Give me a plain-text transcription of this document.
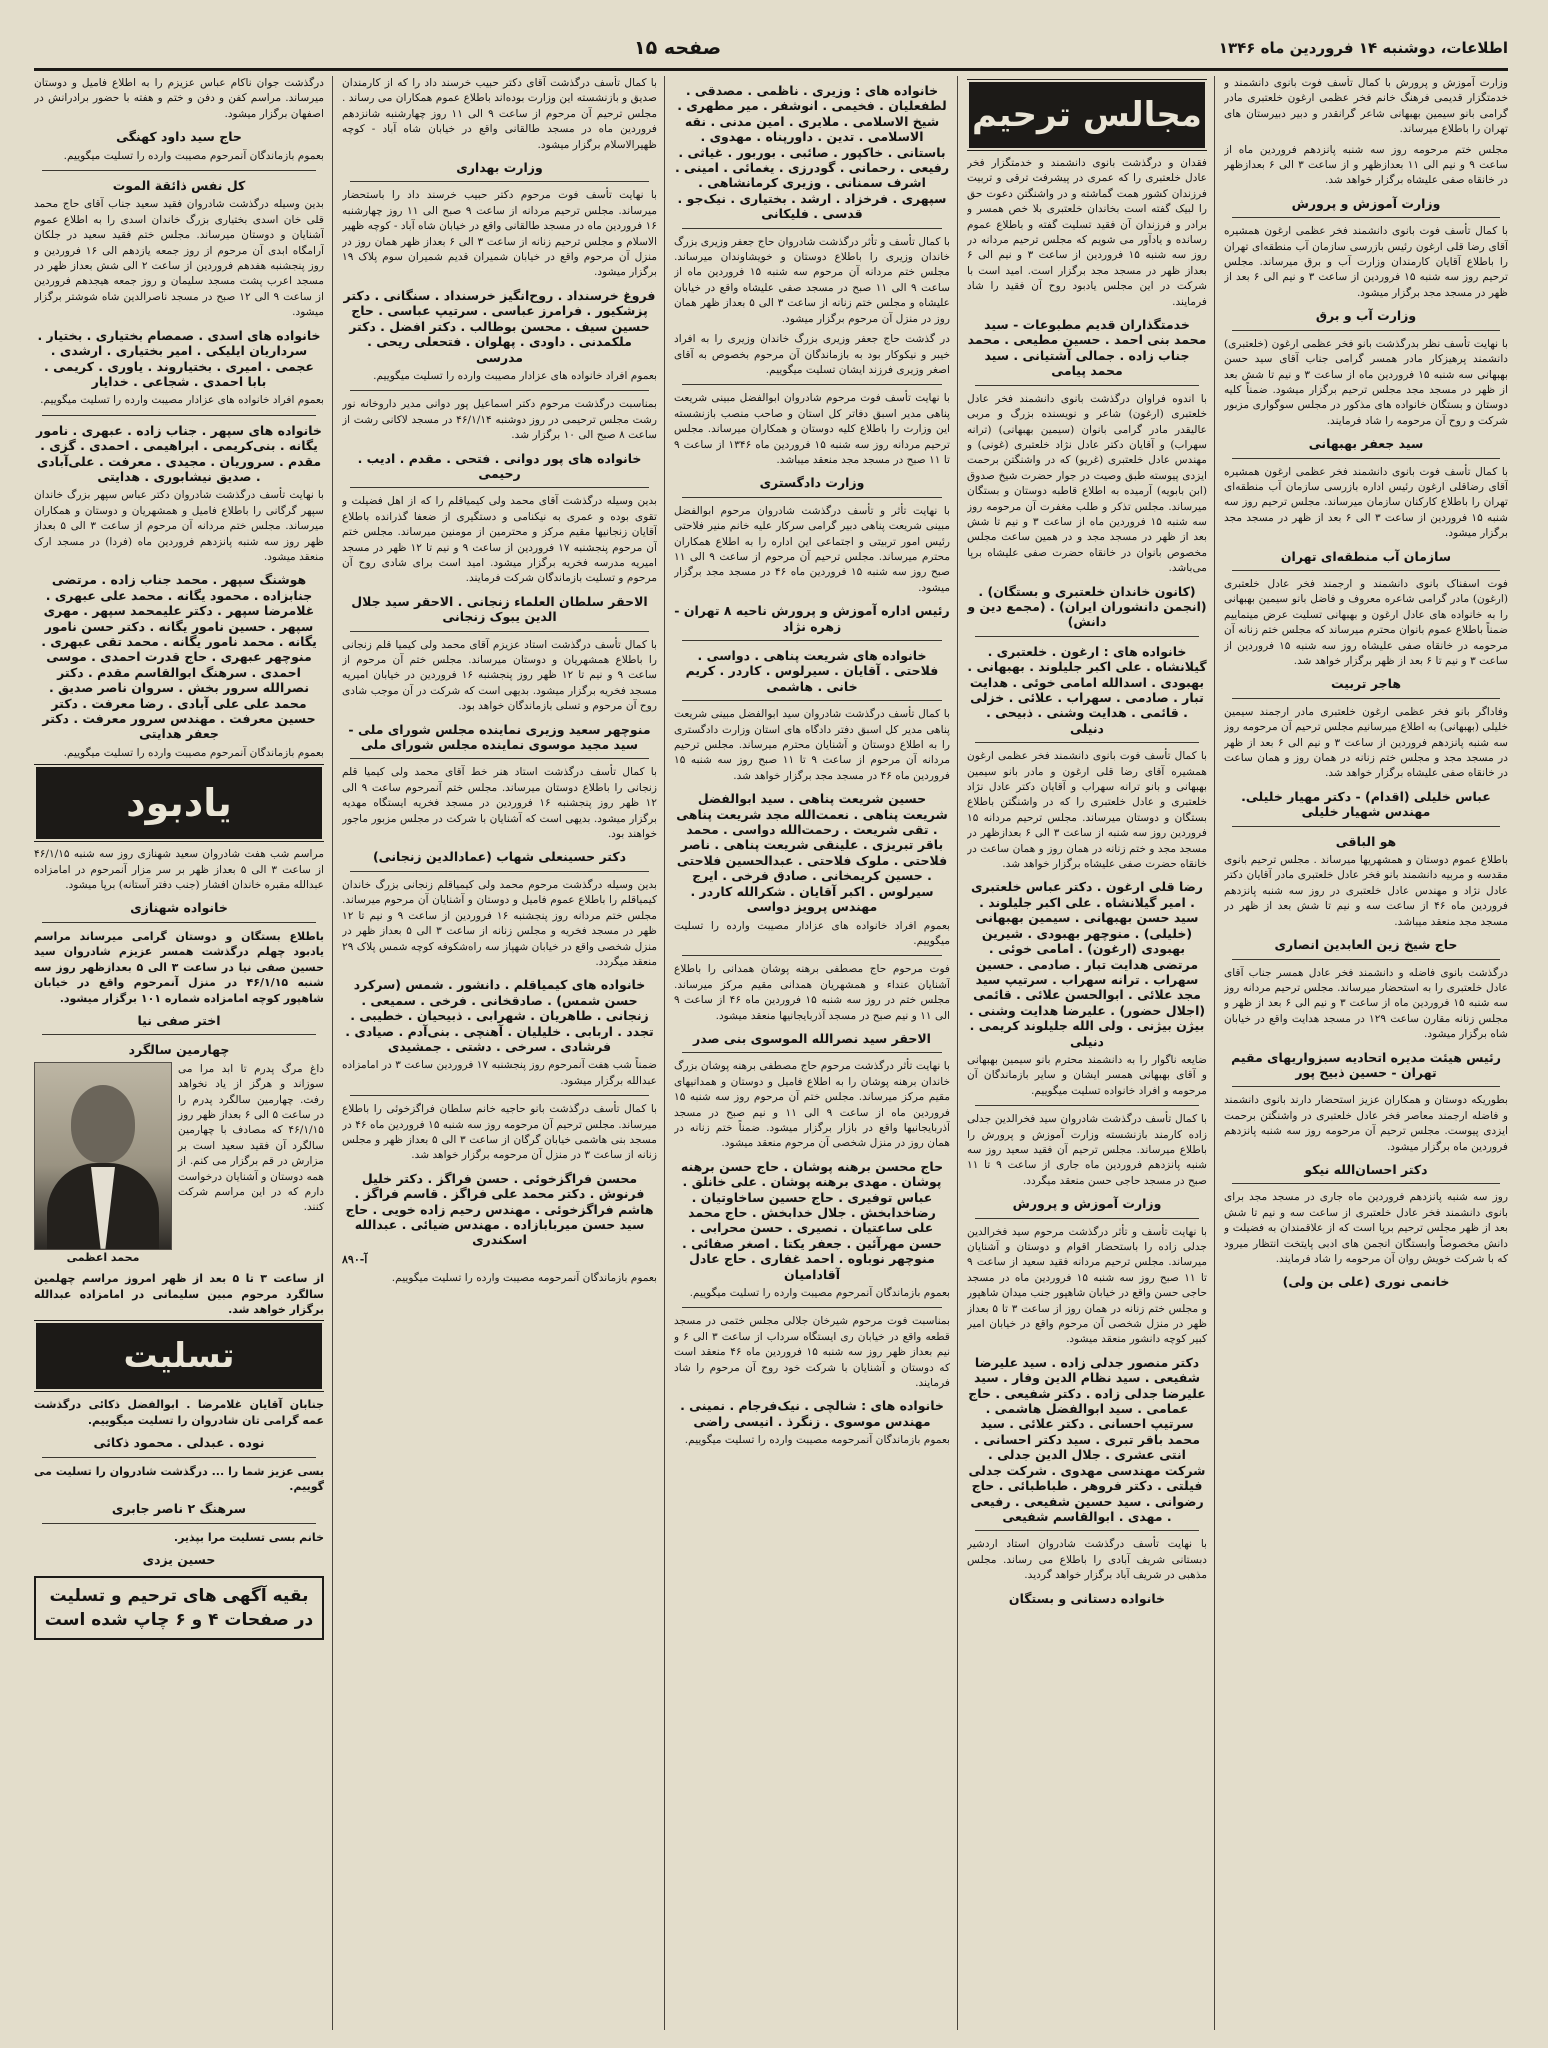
اطلاعات، دوشنبه ۱۴ فروردین ماه ۱۳۴۶
صفحه ۱۵

وزارت آموزش و پرورش با کمال تأسف فوت بانوی دانشمند و خدمتگزار قدیمی فرهنگ خانم فخر عظمی ارغون خلعتبری مادر گرامی بانو سیمین بهبهانی شاعر گرانقدر و دبیر دبیرستان های تهران را باطلاع میرساند.

مجلس ختم مرحومه روز سه شنبه پانزدهم فروردین ماه از ساعت ۹ و نیم الی ۱۱ بعدازظهر و از ساعت ۳ الی ۶ بعدازظهر در خانقاه صفی علیشاه برگزار خواهد شد.

وزارت آموزش و پرورش

با کمال تأسف فوت بانوی دانشمند فخر عظمی ارغون همشیره آقای رضا قلی ارغون رئیس بازرسی سازمان آب منطقه‌ای تهران را باطلاع آقایان کارمندان وزارت آب و برق میرساند. مجلس ترحیم روز سه شنبه ۱۵ فروردین از ساعت ۳ و نیم الی ۶ بعد از ظهر در مسجد مجد برگزار میشود.

وزارت آب و برق

با نهایت تأسف نظر بدرگذشت بانو فخر عظمی ارغون (خلعتبری) دانشمند پرهیزکار مادر همسر گرامی جناب آقای سید حسن بهبهانی سه شنبه ۱۵ فروردین ماه از ساعت ۳ و نیم تا شش بعد از ظهر در مسجد مجد مجلس ترحیم برگزار میشود. ضمناً کلیه دوستان و بستگان خانواده های مذکور در مجلس سوگواری مزبور شرکت و روح آن مرحومه را شاد فرمایند.

سید جعفر بهبهانی

با کمال تأسف فوت بانوی دانشمند فخر عظمی ارغون همشیره آقای رضاقلی ارغون رئیس اداره بازرسی سازمان آب منطقه‌ای تهران را باطلاع کارکنان سازمان میرساند. مجلس ترحیم روز سه شنبه ۱۵ فروردین از ساعت ۳ الی ۶ بعد از ظهر در مسجد مجد برگزار میشود.

سازمان آب منطقه‌ای تهران

فوت اسفناک بانوی دانشمند و ارجمند فخر عادل خلعتبری (ارغون) مادر گرامی شاعره معروف و فاضل بانو سیمین بهبهانی را به خانواده های عادل ارغون و بهبهانی تسلیت عرض مینماییم ضمناً باطلاع عموم بانوان محترم میرساند که مجلس ختم زنانه آن مرحومه در خانقاه صفی علیشاه روز سه شنبه ۱۵ فروردین از ساعت ۳ و نیم تا ۶ بعد از ظهر برگزار خواهد شد.

هاجر تربیت

وفاداگر بانو فخر عظمی ارغون خلعتبری مادر ارجمند سیمین خلیلی (بهبهانی) به اطلاع میرسانیم مجلس ترحیم آن مرحومه روز سه شنبه پانزدهم فروردین از ساعت ۳ و نیم الی ۶ بعد از ظهر در مسجد مجد و مجلس ختم زنانه در همان روز و همان ساعت در خانقاه صفی علیشاه برگزار خواهد شد.

عباس خلیلی (اقدام) - دکتر مهیار خلیلی. مهندس شهیار خلیلی
هو الباقی

باطلاع عموم دوستان و همشهریها میرساند . مجلس ترحیم بانوی مقدسه و مربیه دانشمند بانو فخر عادل خلعتبری مادر آقایان دکتر عادل نژاد و مهندس عادل خلعتبری در روز سه شنبه پانزدهم فروردین ماه ۴۶ از ساعت سه و نیم تا شش بعد از ظهر در مسجد مجد منعقد میباشد.

حاج شیخ زین العابدین انصاری

درگذشت بانوی فاضله و دانشمند فخر عادل همسر جناب آقای عادل خلعتبری را به استحضار میرساند. مجلس ترحیم مردانه روز سه شنبه ۱۵ فروردین ماه از ساعت ۳ و نیم الی ۶ بعد از ظهر و مجلس زنانه مقارن ساعت ۱۲۹ در مسجد هدایت واقع در خیابان شاه برگزار میشود.

رئیس هیئت مدیره اتحادیه سبزواریهای مقیم تهران - حسین ذبیح پور

بطوریکه دوستان و همکاران عزیز استحضار دارند بانوی دانشمند و فاضله ارجمند معاصر فخر عادل خلعتبری در واشنگتن برحمت ایزدی پیوست. مجلس ترحیم آن مرحومه روز سه شنبه پانزدهم فروردین ماه برگزار میشود.

دکتر احسان‌الله نیکو

روز سه شنبه پانزدهم فروردین ماه جاری در مسجد مجد برای بانوی دانشمند فخر عادل خلعتبری از ساعت سه و نیم تا شش بعد از ظهر مجلس ترحیم برپا است که از علاقمندان به فضیلت و دانش مخصوصاً وابستگان انجمن های ادبی پایتخت انتظار میرود که با شرکت خویش روان آن مرحومه را شاد فرمایند.

خانمی نوری (علی بن ولی)
مجالس ترحیم

فقدان و درگذشت بانوی دانشمند و خدمتگزار فخر عادل خلعتبری را که عمری در پیشرفت ترقی و تربیت فرزندان کشور همت گماشته و در واشنگتن دعوت حق را لبیک گفته است بخاندان خلعتبری بلا خص همسر و برادر و فرزندان آن فقید تسلیت گفته و باطلاع عموم رسانده و یادآور می شویم که مجلس ترحیم مردانه در روز سه شنبه ۱۵ فروردین از ساعت ۳ و نیم الی ۶ بعداز ظهر در مسجد مجد برگزار است. امید است با شرکت در این مجلس یادبود روح آن فقید را شاد فرمایند.

خدمتگذاران قدیم مطبوعات - سید محمد بنی احمد . حسین مطیعی . محمد جناب زاده . جمالی آشتیانی . سید محمد پیامی

با اندوه فراوان درگذشت بانوی دانشمند فخر عادل خلعتبری (ارغون) شاعر و نویسنده بزرگ و مربی عالیقدر مادر گرامی بانوان (سیمین بهبهانی) (ترانه سهراب) و آقایان دکتر عادل نژاد خلعتبری (غونی) و مهندس عادل خلعتبری (غریو) که در واشنگتن برحمت ایزدی پیوسته طبق وصیت در جوار حضرت شیخ صدوق (ابن بابویه) آرمیده به اطلاع قاطبه دوستان و بستگان میرساند. مجلس تذکر و طلب مغفرت آن مرحومه روز سه شنبه ۱۵ فروردین ماه از ساعت ۳ و نیم تا شش بعد از ظهر در مسجد مجد و در همین ساعت مجلس مخصوص بانوان در خانقاه حضرت صفی علیشاه برپا می‌باشد.

(کانون خاندان خلعتبری و بستگان) . (انجمن دانشوران ایران) . (مجمع دین و دانش)
خانواده های : ارغون . خلعتبری . گیلانشاه . علی اکبر جلیلوند . بهبهانی . بهبودی . اسدالله امامی خوئی . هدایت تبار . صادمی . سهراب . علائی . خزلی . قائمی . هدایت وشنی . ذبیحی . دنیلی

با کمال تأسف فوت بانوی دانشمند فخر عظمی ارغون همشیره آقای رضا قلی ارغون و مادر بانو سیمین بهبهانی و بانو ترانه سهراب و آقایان دکتر عادل نژاد خلعتبری و عادل خلعتبری را که در واشنگتن باطلاع بستگان و دوستان میرساند. مجلس ترحیم مردانه ۱۵ فروردین روز سه شنبه از ساعت ۳ الی ۶ بعدازظهر در مسجد مجد و ختم زنانه در همان روز و همان ساعت در خانقاه حضرت صفی علیشاه برگزار خواهد شد.

رضا قلی ارغون . دکتر عباس خلعتبری . امیر گیلانشاه . علی اکبر جلیلوند . سید حسن بهبهانی . سیمین بهبهانی (خلیلی) . منوچهر بهبودی . شیرین بهبودی (ارغون) . امامی خوئی . مرتضی هدایت تبار . صادمی . حسین سهراب . ترانه سهراب . سرتیپ سید مجد علائی . ابوالحسن علائی . قائمی (اجلال حضور) . علیرضا هدایت وشنی . بیژن بیژنی . ولی الله جلیلوند کریمی . دنیلی

ضایعه ناگوار را به دانشمند محترم بانو سیمین بهبهانی و آقای بهبهانی همسر ایشان و سایر بازماندگان آن مرحومه و افراد خانواده تسلیت میگوییم.

با کمال تأسف درگذشت شادروان سید فخرالدین جدلی زاده کارمند بازنشسته وزارت آموزش و پرورش را باطلاع میرساند. مجلس ترحیم آن فقید سعید روز سه شنبه پانزدهم فروردین ماه جاری از ساعت ۹ تا ۱۱ صبح در مسجد حاجی حسن منعقد میگردد.

وزارت آموزش و پرورش

با نهایت تأسف و تأثر درگذشت مرحوم سید فخرالدین جدلی زاده را باستحضار اقوام و دوستان و آشنایان میرساند. مجلس ترحیم مردانه فقید سعید از ساعت ۹ تا ۱۱ صبح روز سه شنبه ۱۵ فروردین ماه در مسجد حاجی حسن واقع در خیابان شاهپور جنب میدان شاهپور و مجلس ختم زنانه در همان روز از ساعت ۳ تا ۵ بعداز ظهر در منزل شخصی آن مرحوم واقع در خیابان امیر کبیر کوچه دانشور منعقد میشود.

دکتر منصور جدلی زاده . سید علیرضا شفیعی . سید نظام الدین وفار . سید علیرضا جدلی زاده . دکتر شفیعی . حاج عمامی . سید ابوالفضل هاشمی . سرتیپ احسانی . دکتر علائی . سید محمد باقر تبری . سید دکتر احسانی . انتی عشری . جلال الدین جدلی . شرکت مهندسی مهدوی . شرکت جدلی فیلتی . دکتر فروهر . طباطبائی . حاج رضوانی . سید حسین شفیعی . رفیعی . مهدی . ابوالقاسم شفیعی

با نهایت تأسف درگذشت شادروان استاد اردشیر دبستانی شریف آبادی را باطلاع می رساند. مجلس مذهبی در شریف آباد برگزار خواهد گردید.

خانواده دستانی و بستگان
خانواده های : وزیری . ناظمی . مصدقی . لطفعلیان . فخیمی . انوشفر . میر مطهری . شیخ الاسلامی . ملایری . امین مدنی . نقه الاسلامی . تدین . داورپناه . مهدوی . باستانی . خاکپور . صائبی . بوربور . غیاثی . رفیعی . رحمانی . گودرزی . یغمائی . امینی . اشرف سمنانی . وزیری کرمانشاهی . سپهری . فرخزاد . ارشد . بختیاری . نیک‌جو . قدسی . فلیکانی

با کمال تأسف و تأثر درگذشت شادروان حاج جعفر وزیری بزرگ خاندان وزیری را باطلاع دوستان و خویشاوندان میرساند. مجلس ختم مردانه آن مرحوم سه شنبه ۱۵ فروردین ماه از ساعت ۹ الی ۱۱ صبح در مسجد صفی علیشاه واقع در خیابان علیشاه و مجلس ختم زنانه از ساعت ۳ الی ۵ بعداز ظهر همان روز در منزل آن مرحوم برگزار میشود.

در گذشت حاج جعفر وزیری بزرگ خاندان وزیری را به افراد خیبر و نیکوکار بود به بازماندگان آن مرحوم بخصوص به آقای اصغر وزیری فرزند ایشان تسلیت میگوییم.

با نهایت تأسف فوت مرحوم شادروان ابوالفضل مبینی شریعت پناهی مدیر اسبق دفاتر کل استان و صاحب منصب بازنشسته این وزارت را باطلاع کلیه دوستان و همکاران میرساند. مجلس ترحیم مردانه روز سه شنبه ۱۵ فروردین ماه ۱۳۴۶ از ساعت ۹ تا ۱۱ صبح در مسجد مجد منعقد میباشد.

وزارت دادگستری

با نهایت تأثر و تأسف درگذشت شادروان مرحوم ابوالفضل مبینی شریعت پناهی دبیر گرامی سرکار علیه خانم منیر فلاحتی رئیس امور تربیتی و اجتماعی این اداره را به اطلاع همکاران محترم میرساند. مجلس ترحیم آن مرحوم از ساعت ۹ الی ۱۱ صبح روز سه شنبه ۱۵ فروردین ماه ۴۶ در مسجد مجد برگزار میشود.

رئیس اداره آموزش و پرورش ناحیه ۸ تهران - زهره نژاد
خانواده های شریعت پناهی . دواسی . فلاحتی . آقایان . سیرلوس . کاردر . کریم خانی . هاشمی

با کمال تأسف درگذشت شادروان سید ابوالفضل مبینی شریعت پناهی مدیر کل اسبق دفتر دادگاه های استان وزارت دادگستری را به اطلاع دوستان و آشنایان محترم میرساند. مجلس ترحیم مردانه آن مرحوم از ساعت ۹ تا ۱۱ صبح روز سه شنبه ۱۵ فروردین ماه ۴۶ در مسجد مجد برگزار خواهد شد.

حسین شریعت پناهی . سید ابوالفضل شریعت پناهی . نعمت‌الله مجد شریعت پناهی . تقی شریعت . رحمت‌الله دواسی . محمد باقر تبریزی . علینقی شریعت پناهی . ناصر فلاحتی . ملوک فلاحتی . عبدالحسین فلاحتی . حسین کریمخانی . صادق فرخی . ایرج سیرلوس . اکبر آقایان . شکرالله کاردر . مهندس پرویز دواسی

بعموم افراد خانواده های عزادار مصیبت وارده را تسلیت میگوییم.

فوت مرحوم حاج مصطفی برهنه پوشان همدانی را باطلاع آشنایان عنداء و همشهریان همدانی مقیم مرکز میرساند. مجلس ختم در روز سه شنبه ۱۵ فروردین ماه ۴۶ از ساعت ۹ الی ۱۱ و نیم صبح در مسجد آذربایجانیها منعقد میشود.

الاحقر سید نصرالله الموسوی بنی صدر

با نهایت تأثر درگذشت مرحوم حاج مصطفی برهنه پوشان بزرگ خاندان برهنه پوشان را به اطلاع فامیل و دوستان و همدانیهای مقیم مرکز میرساند. مجلس ختم آن مرحوم روز سه شنبه ۱۵ فروردین ماه از ساعت ۹ الی ۱۱ و نیم صبح در مسجد آذربایجانیها واقع در بازار برگزار میشود. ضمناً ختم زنانه در همان روز در منزل شخصی آن مرحوم منعقد میشود.

حاج محسن برهنه پوشان . حاج حسن برهنه پوشان . مهدی برهنه پوشان . علی خانلق . عباس توفیری . حاج حسین ساخاوتیان . رضاخدابخش . جلال خدابخش . حاج محمد علی ساعتیان . نصیری . حسن محرابی . حسن مهرآئین . جعفر یکتا . اصغر صفائی . منوچهر نوباوه . احمد غفاری . حاج عادل آقادامیان

بعموم بازماندگان آنمرحوم مصیبت وارده را تسلیت میگوییم.

بمناسبت فوت مرحوم شیرخان جلالی مجلس ختمی در مسجد قطعه واقع در خیابان ری ایستگاه سرداب از ساعت ۳ الی ۶ و نیم بعداز ظهر روز سه شنبه ۱۵ فروردین ماه ۴۶ منعقد است که دوستان و آشنایان با شرکت خود روح آن مرحوم را شاد فرمایند.

خانواده های : شالچی . نیک‌فرجام . نمینی . مهندس موسوی . زنگرذ . انیسی راضی

بعموم بازماندگان آنمرحومه مصیبت وارده را تسلیت میگوییم.

با کمال تأسف درگذشت آقای دکتر حبیب خرسند داد را که از کارمندان صدیق و بازنشسته این وزارت بوده‌اند باطلاع عموم همکاران می رساند . مجلس ترحیم آن مرحوم از ساعت ۹ الی ۱۱ روز چهارشنبه شانزدهم فروردین ماه در مسجد طالقانی واقع در خیابان شاه آباد - کوچه ظهیرالاسلام برگزار میشود.

وزارت بهداری

با نهایت تأسف فوت مرحوم دکتر حبیب خرسند داد را باستحضار میرساند. مجلس ترحیم مردانه از ساعت ۹ صبح الی ۱۱ روز چهارشنبه ۱۶ فروردین ماه در مسجد طالقانی واقع در خیابان شاه آباد - کوچه ظهیر الاسلام و مجلس ترحیم زنانه از ساعت ۳ الی ۶ بعداز ظهر همان روز در منزل آن مرحوم واقع در خیابان شمیران قدیم شمیران سوم پلاک ۱۹ برگزار میشود.

فروغ خرسنداد . روح‌انگیز خرسنداد . سنگانی . دکتر پزشکیور . فرامرز عباسی . سرتیپ عباسی . حاج حسین سیف . محسن بوطالب . دکتر افضل . دکتر ملکمدنی . داودی . پهلوان . فتحعلی ریحی . مدرسی

بعموم افراد خانواده های عزادار مصیبت وارده را تسلیت میگوییم.

بمناسبت درگذشت مرحوم دکتر اسماعیل پور دوانی مدیر داروخانه نور رشت مجلس ترحیمی در روز دوشنبه ۴۶/۱/۱۴ در مسجد لاکانی رشت از ساعت ۸ صبح الی ۱۰ برگزار شد.

خانواده های پور دوانی . فتحی . مقدم . ادیب . رحیمی

بدین وسیله درگذشت آقای محمد ولی کیمیاقلم را که از اهل فضیلت و تقوی بوده و عمری به نیکنامی و دستگیری از ضعفا گذرانده باطلاع آقایان زنجانیها مقیم مرکز و محترمین از مومنین میرساند. مجلس ختم آن مرحوم پنجشنبه ۱۷ فروردین از ساعت ۹ و نیم تا ۱۲ ظهر در مسجد امیریه مدرسه فخریه برگزار میشود. امید است برای شادی روح آن مرحوم و تسلیت بازماندگان شرکت فرمایند.

الاحقر سلطان العلماء زنجانی . الاحقر سید جلال الدین یبوک زنجانی

با کمال تأسف درگذشت استاد عزیزم آقای محمد ولی کیمیا قلم زنجانی را باطلاع همشهریان و دوستان میرساند. مجلس ختم آن مرحوم از ساعت ۹ و نیم تا ۱۲ ظهر روز پنجشنبه ۱۶ فروردین در خیابان امیریه مسجد فخریه برگزار میشود. بدیهی است که شرکت در آن موجب شادی روح آن مرحوم و تسلی بازماندگان خواهد بود.

منوچهر سعید وزیری نماینده مجلس شورای ملی - سید مجید موسوی نماینده مجلس شورای ملی

با کمال تأسف درگذشت استاد هنر خط آقای محمد ولی کیمیا قلم زنجانی را باطلاع دوستان میرساند. مجلس ختم آنمرحوم ساعت ۹ الی ۱۲ ظهر روز پنجشنبه ۱۶ فروردین در مسجد فخریه ایستگاه مهدیه برگزار میشود. بدیهی است که آشنایان با شرکت در مجلس مزبور ماجور خواهند بود.

دکتر حسینعلی شهاب (عمادالدین زنجانی)

بدین وسیله درگذشت مرحوم محمد ولی کیمیاقلم زنجانی بزرگ خاندان کیمیاقلم را باطلاع عموم فامیل و دوستان و آشنایان آن مرحوم میرساند. مجلس ختم مردانه روز پنجشنبه ۱۶ فروردین از ساعت ۹ و نیم تا ۱۲ ظهر در مسجد فخریه و مجلس زنانه از ساعت ۳ الی ۵ بعداز ظهر در منزل شخصی واقع در خیابان شهپاز سه راه‌شکوفه کوچه شمس پلاک ۲۹ منعقد میگردد.

خانواده های کیمیاقلم . دانشور . شمس (سرکرد حسن شمس) . صادقخانی . فرخی . سمیعی . زنجانی . طاهریان . شهرابی . ذبیحیان . خطیبی . تجدد . اربابی . خلیلیان . آهنچی . بنی‌آدم . صیادی . فرشادی . سرخی . دشتی . جمشیدی

ضمناً شب هفت آنمرحوم روز پنجشنبه ۱۷ فروردین ساعت ۳ در امامزاده عبدالله برگزار میشود.

با کمال تأسف درگذشت بانو حاجیه خانم سلطان فراگزخوئی را باطلاع میرساند. مجلس ترحیم آن مرحومه روز سه شنبه ۱۵ فروردین ماه ۴۶ در مسجد بنی هاشمی خیابان گرگان از ساعت ۳ الی ۵ بعداز ظهر و مجلس زنانه از ساعت ۳ در منزل آن مرحومه برگزار خواهد شد.

محسن فراگزخوئی . حسن فراگز . دکتر خلیل فرنوش . دکتر محمد علی فراگز . قاسم فراگز . هاشم فراگزخوئی . مهندس رحیم زاده خویی . حاج سید حسن میربابازاده . مهندس ضیائی . عبدالله اسکندری
آ-۸۹۰

بعموم بازماندگان آنمرحومه مصیبت وارده را تسلیت میگوییم.

درگذشت جوان ناکام عباس عزیزم را به اطلاع فامیل و دوستان میرساند. مراسم کفن و دفن و ختم و هفته با حضور برادرانش در اصفهان برگزار میشود.

حاج سید داود کهنگی

بعموم بازماندگان آنمرحوم مصیبت وارده را تسلیت میگوییم.

کل نفس ذائقة الموت

بدین وسیله درگذشت شادروان فقید سعید جناب آقای حاج محمد قلی خان اسدی بختیاری بزرگ خاندان اسدی را به اطلاع عموم آشنایان و دوستان میرساند. مجلس ختم فقید سعید در جلکان آرامگاه ابدی آن مرحوم از روز جمعه یازدهم الی ۱۶ فروردین و روز پنجشنبه هفدهم فروردین از ساعت ۲ الی شش بعداز ظهر در مسجد اعرب پشت مسجد سلیمان و روز جمعه هیجدهم فروردین از ساعت ۹ الی ۱۲ صبح در مسجد ناصرالدین شاه شوشتر برگزار میشود.

خانواده های اسدی . صمصام بختیاری . بختیار . سرداریان ایلیکی . امیر بختیاری . ارشدی . عجمی . امیری . بختیاروند . یاوری . کریمی . بابا احمدی . شجاعی . خدایار

بعموم افراد خانواده های عزادار مصیبت وارده را تسلیت میگوییم.

خانواده های سپهر . جناب زاده . عبهری . نامور یگانه . بنی‌کریمی . ابراهیمی . احمدی . گزی . مقدم . سروریان . مجیدی . معرفت . علی‌آبادی . صدیق نیشابوری . هدایتی

با نهایت تأسف درگذشت شادروان دکتر عباس سپهر بزرگ خاندان سپهر گرگانی را باطلاع فامیل و همشهریان و دوستان و همکاران میرساند. مجلس ختم مردانه آن مرحوم از ساعت ۳ الی ۵ بعداز ظهر روز سه شنبه پانزدهم فروردین ماه (فردا) در مسجد ارک منعقد میشود.

هوشنگ سپهر . محمد جناب زاده . مرتضی جنابزاده . محمود یگانه . محمد علی عبهری . غلامرضا سپهر . دکتر علیمحمد سپهر . مهری سپهر . حسین نامور یگانه . دکتر حسن نامور یگانه . محمد نامور یگانه . محمد تقی عبهری . منوچهر عبهری . حاج قدرت احمدی . موسی احمدی . سرهنگ ابوالقاسم مقدم . دکتر نصرالله سرور بخش . سروان ناصر صدیق . محمد علی علی آبادی . رضا معرفت . دکتر حسین معرفت . مهندس سرور معرفت . دکتر جعفر هدایتی

بعموم بازماندگان آنمرحوم مصیبت وارده را تسلیت میگوییم.

یادبود

مراسم شب هفت شادروان سعید شهنازی روز سه شنبه ۴۶/۱/۱۵ از ساعت ۳ الی ۵ بعداز ظهر بر سر مزار آنمرحوم در امامزاده عبدالله مقبره خاندان افشار (جنب دفتر آستانه) برپا میشود.

خانواده شهنازی

باطلاع بستگان و دوستان گرامی میرساند مراسم یادبود چهلم درگذشت همسر عزیزم شادروان سید حسین صفی نیا در ساعت ۳ الی ۵ بعدازظهر روز سه شنبه ۴۶/۱/۱۵ در منزل آنمرحوم واقع در خیابان شاهپور کوچه امامزاده شماره ۱۰۱ برگزار میشود.

اختر صفی نیا
چهارمین سالگرد
داغ مرگ پدرم تا ابد مرا می سوزاند و هرگز از یاد نخواهد رفت. چهارمین سالگرد پدرم را در ساعت ۵ الی ۶ بعداز ظهر روز ۴۶/۱/۱۵ که مصادف با چهارمین سالگرد آن فقید سعید است بر مزارش در قم برگزار می کنم. از همه دوستان و آشنایان درخواست دارم که در این مراسم شرکت کنند.
محمد اعظمی

از ساعت ۳ تا ۵ بعد از ظهر امروز مراسم چهلمین سالگرد مرحوم مبین سلیمانی در امامزاده عبدالله برگزار خواهد شد.

تسلیت

جنابان آقایان غلامرضا . ابوالفضل ذکائی درگذشت عمه گرامی تان شادروان را تسلیت میگوییم.

نوده . عبدلی . محمود ذکائی

بسی عزیز شما را ... درگذشت شادروان را تسلیت می گوییم.

سرهنگ ۲ ناصر جابری

خانم بسی تسلیت مرا بپذیر.

حسین یزدی
بقیه آگهی های ترحیم و تسلیت در صفحات ۴ و ۶ چاپ شده است
